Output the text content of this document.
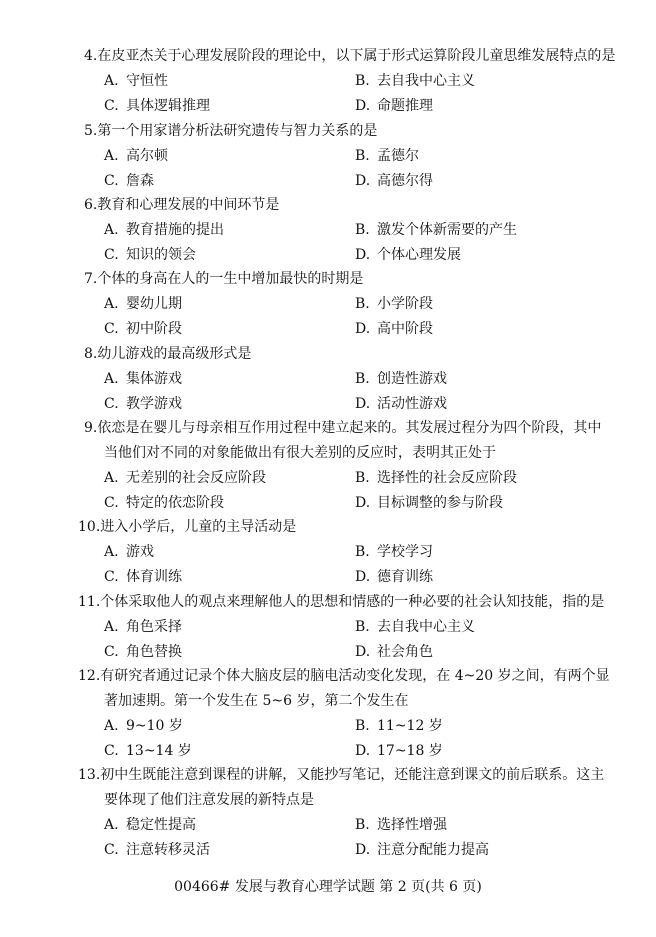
4.在皮亚杰关于心理发展阶段的理论中，以下属于形式运算阶段儿童思维发展特点的是
A. 守恒性	B. 去自我中心主义
C. 具体逻辑推理	D. 命题推理
5.第一个用家谱分析法研究遗传与智力关系的是
A. 高尔顿	B. 孟德尔
C. 詹森	D. 高德尔得
6.教育和心理发展的中间环节是
A. 教育措施的提出	B. 激发个体新需要的产生
C. 知识的领会	D. 个体心理发展
7.个体的身高在人的一生中增加最快的时期是
A. 婴幼儿期	B. 小学阶段
C. 初中阶段	D. 高中阶段
8.幼儿游戏的最高级形式是
A. 集体游戏	B. 创造性游戏
C. 教学游戏	D. 活动性游戏
9.依恋是在婴儿与母亲相互作用过程中建立起来的。其发展过程分为四个阶段，其中
当他们对不同的对象能做出有很大差别的反应时，表明其正处于
A. 无差别的社会反应阶段	B. 选择性的社会反应阶段
C. 特定的依恋阶段	D. 目标调整的参与阶段
10.进入小学后，儿童的主导活动是
A. 游戏	B. 学校学习
C. 体育训练	D. 德育训练
11.个体采取他人的观点来理解他人的思想和情感的一种必要的社会认知技能，指的是
A. 角色采择	B. 去自我中心主义
C. 角色替换	D. 社会角色
12.有研究者通过记录个体大脑皮层的脑电活动变化发现，在 4~20 岁之间，有两个显
著加速期。第一个发生在 5~6 岁，第二个发生在
A. 9~10 岁	B. 11~12 岁
C. 13~14 岁	D. 17~18 岁
13.初中生既能注意到课程的讲解，又能抄写笔记，还能注意到课文的前后联系。这主
要体现了他们注意发展的新特点是
A. 稳定性提高	B. 选择性增强
C. 注意转移灵活	D. 注意分配能力提高
00466# 发展与教育心理学试题 第 2 页(共 6 页)
